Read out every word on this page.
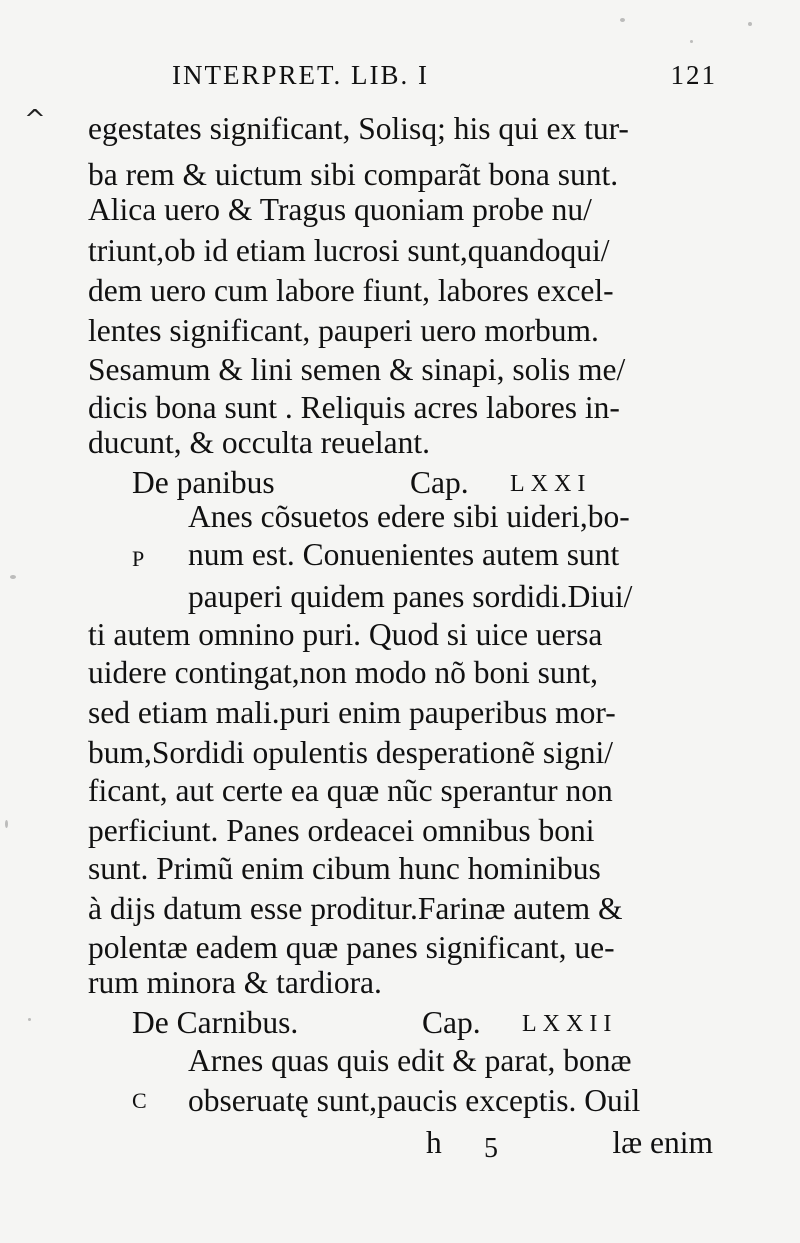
INTERPRET. LIB. I	121
^ egestates significant, Solisq; his qui ex tur-
ba rem & uictum sibi comparãt bona sunt.
Alica uero & Tragus quoniam probe nu/
triunt,ob id etiam lucrosi sunt,quandoqui/
dem uero cum labore fiunt, labores excel-
lentes significant, pauperi uero morbum.
Sesamum & lini semen & sinapi, solis me/
dicis bona sunt . Reliquis acres labores in-
ducunt, & occulta reuelant.
De panibus	Cap. LXXI
P
Anes cõsuetos edere sibi uideri,bo-
num est. Conuenientes autem sunt
pauperi quidem panes sordidi.Diui/
ti autem omnino puri. Quod si uice uersa
uidere contingat,non modo nõ boni sunt,
sed etiam mali.puri enim pauperibus mor-
bum,Sordidi opulentis desperationẽ signi/
ficant, aut certe ea quæ nũc sperantur non
perficiunt. Panes ordeacei omnibus boni
sunt. Primũ enim cibum hunc hominibus
à dijs datum esse proditur.Farinæ autem &
polentæ eadem quæ panes significant, ue-
rum minora & tardiora.
De Carnibus.	Cap. LXXII
C
Arnes quas quis edit & parat, bonæ
obseruatę sunt,paucis exceptis. Ouil
h 5	læ enim
